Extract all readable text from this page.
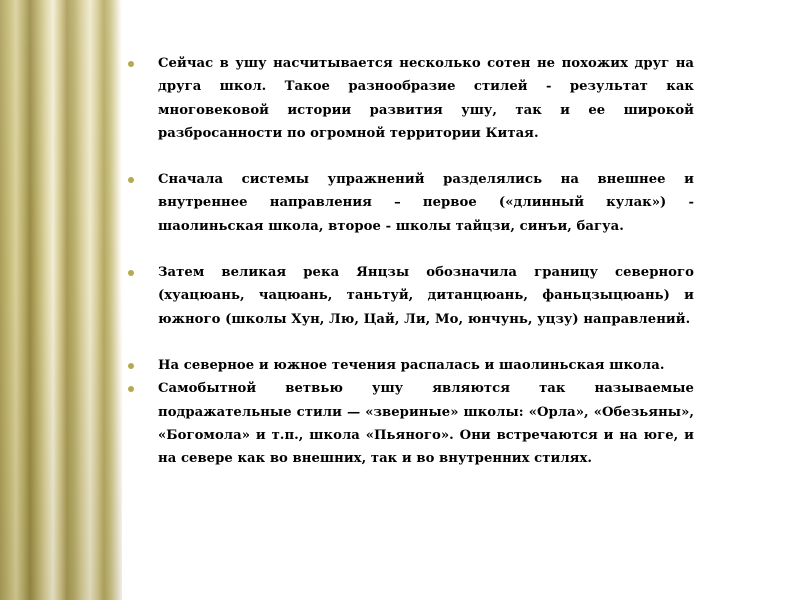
Сейчас в ушу насчитывается несколько сотен не похожих друг на друга школ. Такое разнообразие стилей - результат как многовековой истории развития ушу, так и ее широкой разбросанности по огромной территории Китая.

Сначала системы упражнений разделялись на внешнее и внутреннее направления – первое («длинный кулак») - шаолиньская школа, второе - школы тайцзи, синъи, багуа.

Затем великая река Янцзы обозначила границу северного (хуацюань, чацюань, таньтуй, дитанцюань, фаньцзыцюань) и южного (школы Хун, Лю, Цай, Ли, Мо, юнчунь, уцзу) направлений.

На северное и южное течения распалась и шаолиньская школа.

Самобытной ветвью ушу являются так называемые подражательные стили — «звериные» школы: «Орла», «Обезьяны», «Богомола» и т.п., школа «Пьяного». Они встречаются и на юге, и на севере как во внешних, так и во внутренних стилях.
